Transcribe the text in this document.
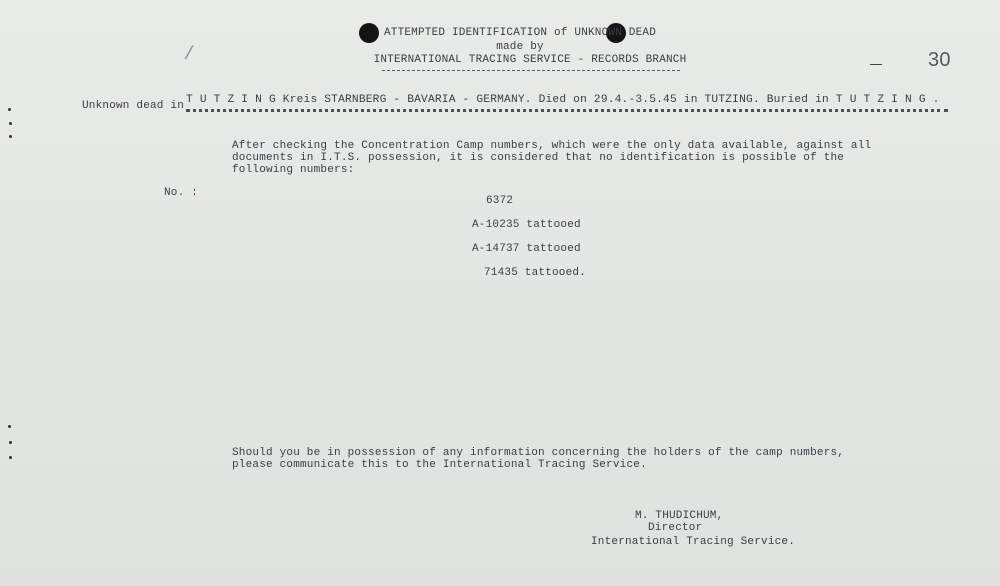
/
ATTEMPTED IDENTIFICATION of UNKNOWN DEAD
made by
INTERNATIONAL TRACING SERVICE - RECORDS BRANCH	30
Unknown dead in T U T Z I N G Kreis STARNBERG - BAVARIA - GERMANY. Died on 29.4.-3.5.45 in TUTZING. Buried in T U T Z I N G .
After checking the Concentration Camp numbers, which were the only data available, against all
documents in I.T.S. possession, it is considered that no identification is possible of the
following numbers:
No. :
6372
A-10235 tattooed
A-14737 tattooed
71435 tattooed.
Should you be in possession of any information concerning the holders of the camp numbers,
please communicate this to the International Tracing Service.
M. THUDICHUM,
Director
International Tracing Service.
